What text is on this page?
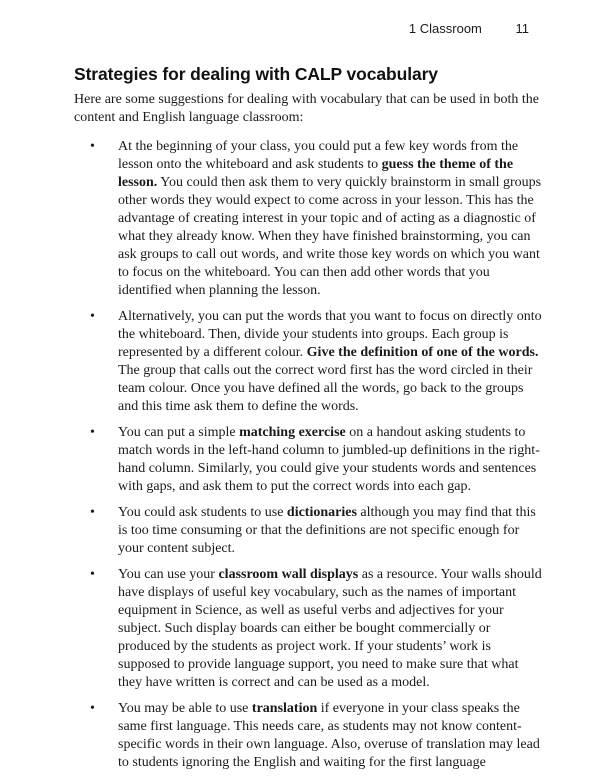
1 Classroom	11
Strategies for dealing with CALP vocabulary

Here are some suggestions for dealing with vocabulary that can be used in both the content and English language classroom:

• At the beginning of your class, you could put a few key words from the lesson onto the whiteboard and ask students to guess the theme of the lesson. You could then ask them to very quickly brainstorm in small groups other words they would expect to come across in your lesson. This has the advantage of creating interest in your topic and of acting as a diagnostic of what they already know. When they have finished brainstorming, you can ask groups to call out words, and write those key words on which you want to focus on the whiteboard. You can then add other words that you identified when planning the lesson.
• Alternatively, you can put the words that you want to focus on directly onto the whiteboard. Then, divide your students into groups. Each group is represented by a different colour. Give the definition of one of the words. The group that calls out the correct word first has the word circled in their team colour. Once you have defined all the words, go back to the groups and this time ask them to define the words.
• You can put a simple matching exercise on a handout asking students to match words in the left-hand column to jumbled-up definitions in the right-hand column. Similarly, you could give your students words and sentences with gaps, and ask them to put the correct words into each gap.
• You could ask students to use dictionaries although you may find that this is too time consuming or that the definitions are not specific enough for your content subject.
• You can use your classroom wall displays as a resource. Your walls should have displays of useful key vocabulary, such as the names of important equipment in Science, as well as useful verbs and adjectives for your subject. Such display boards can either be bought commercially or produced by the students as project work. If your students’ work is supposed to provide language support, you need to make sure that what they have written is correct and can be used as a model.
• You may be able to use translation if everyone in your class speaks the same first language. This needs care, as students may not know content-specific words in their own language. Also, overuse of translation may lead to students ignoring the English and waiting for the first language
